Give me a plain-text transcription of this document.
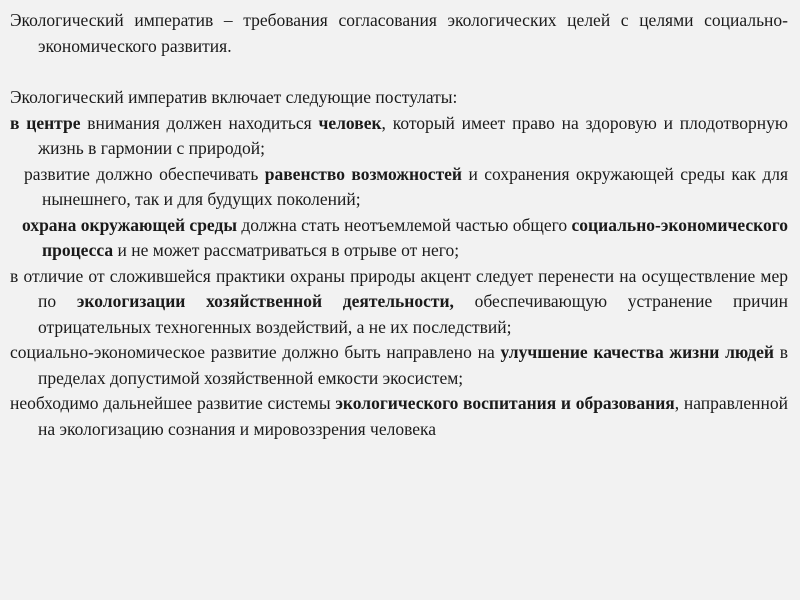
Экологический императив – требования согласования экологических целей с целями социально-экономического развития.

Экологический императив включает следующие постулаты:

в центре внимания должен находиться человек, который имеет право на здоровую и плодотворную жизнь в гармонии с природой;

развитие должно обеспечивать равенство возможностей и сохранения окружающей среды как для нынешнего, так и для будущих поколений;

охрана окружающей среды должна стать неотъемлемой частью общего социально-экономического процесса и не может рассматриваться в отрыве от него;

в отличие от сложившейся практики охраны природы акцент следует перенести на осуществление мер по экологизации хозяйственной деятельности, обеспечивающую устранение причин отрицательных техногенных воздействий, а не их последствий;

социально-экономическое развитие должно быть направлено на улучшение качества жизни людей в пределах допустимой хозяйственной емкости экосистем;

необходимо дальнейшее развитие системы экологического воспитания и образования, направленной на экологизацию сознания и мировоззрения человека
